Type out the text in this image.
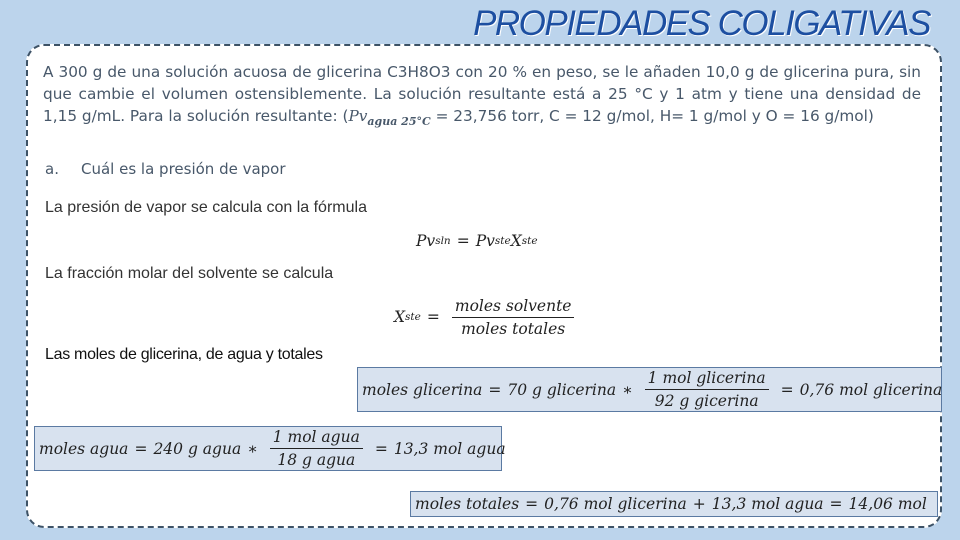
PROPIEDADES COLIGATIVAS
A 300 g de una solución acuosa de glicerina C3H8O3 con 20 % en peso, se le añaden 10,0 g de glicerina pura, sin que cambie el volumen ostensiblemente. La solución resultante está a 25 °C y 1 atm y tiene una densidad de 1,15 g/mL. Para la solución resultante: ($Pv_{agua 25^\circ C} = 23,756$ torr, C = 12 g/mol, H= 1 g/mol y O = 16 g/mol)
a. Cuál es la presión de vapor
La presión de vapor se calcula con la fórmula
La fracción molar del solvente se calcula
Las moles de glicerina, de agua y totales
Pv sln = Pv ste X ste
X ste = $\frac{\text{moles solvente}}{\text{moles totales}}$
moles glicerina = 70 g glicerina ∗ $\frac{\text{1 mol glicerina}}{\text{92 g gicerina}} = 0,76$ mol glicerina
moles agua = 240 g agua ∗ $\frac{\text{1 mol agua}}{\text{18 g agua}} = 13,3$ mol agua
moles totales = 0,76 mol glicerina + 13,3 mol agua = 14,06 mol
